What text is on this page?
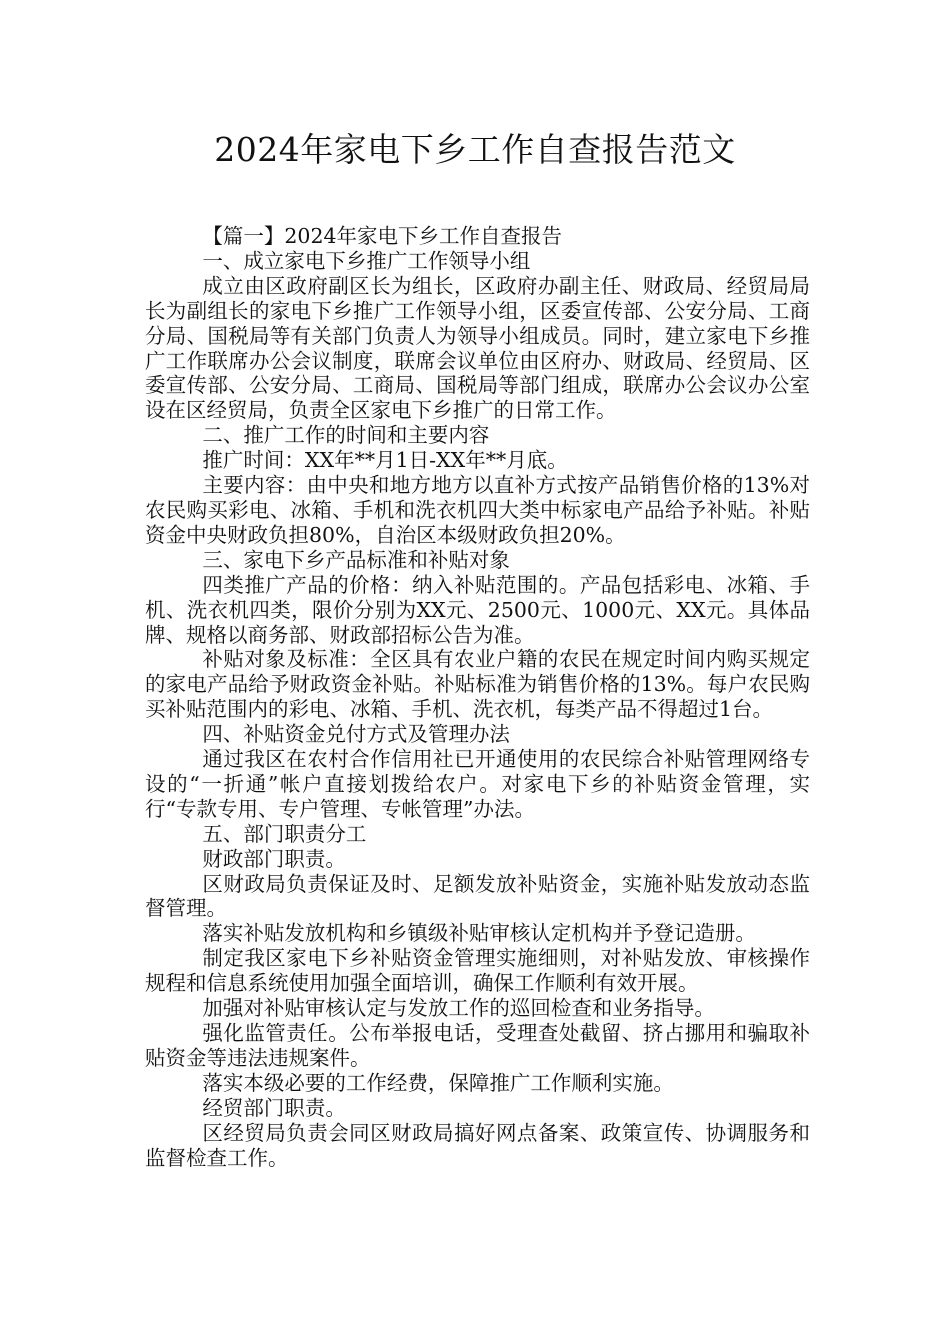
2024年家电下乡工作自查报告范文

【篇一】2024年家电下乡工作自查报告

一、成立家电下乡推广工作领导小组

成立由区政府副区长为组长，区政府办副主任、财政局、经贸局局长为副组长的家电下乡推广工作领导小组，区委宣传部、公安分局、工商分局、国税局等有关部门负责人为领导小组成员。同时，建立家电下乡推广工作联席办公会议制度，联席会议单位由区府办、财政局、经贸局、区委宣传部、公安分局、工商局、国税局等部门组成，联席办公会议办公室设在区经贸局，负责全区家电下乡推广的日常工作。

二、推广工作的时间和主要内容

推广时间：XX年**月1日-XX年**月底。

主要内容：由中央和地方地方以直补方式按产品销售价格的13%对农民购买彩电、冰箱、手机和洗衣机四大类中标家电产品给予补贴。补贴资金中央财政负担80%，自治区本级财政负担20%。

三、家电下乡产品标准和补贴对象

四类推广产品的价格：纳入补贴范围的。产品包括彩电、冰箱、手机、洗衣机四类，限价分别为XX元、2500元、1000元、XX元。具体品牌、规格以商务部、财政部招标公告为准。

补贴对象及标准：全区具有农业户籍的农民在规定时间内购买规定的家电产品给予财政资金补贴。补贴标准为销售价格的13%。每户农民购买补贴范围内的彩电、冰箱、手机、洗衣机，每类产品不得超过1台。

四、补贴资金兑付方式及管理办法

通过我区在农村合作信用社已开通使用的农民综合补贴管理网络专设的“一折通”帐户直接划拨给农户。对家电下乡的补贴资金管理，实行“专款专用、专户管理、专帐管理”办法。

五、部门职责分工

财政部门职责。

区财政局负责保证及时、足额发放补贴资金，实施补贴发放动态监督管理。

落实补贴发放机构和乡镇级补贴审核认定机构并予登记造册。

制定我区家电下乡补贴资金管理实施细则，对补贴发放、审核操作规程和信息系统使用加强全面培训，确保工作顺利有效开展。

加强对补贴审核认定与发放工作的巡回检查和业务指导。

强化监管责任。公布举报电话，受理查处截留、挤占挪用和骗取补贴资金等违法违规案件。

落实本级必要的工作经费，保障推广工作顺利实施。

经贸部门职责。

区经贸局负责会同区财政局搞好网点备案、政策宣传、协调服务和监督检查工作。
